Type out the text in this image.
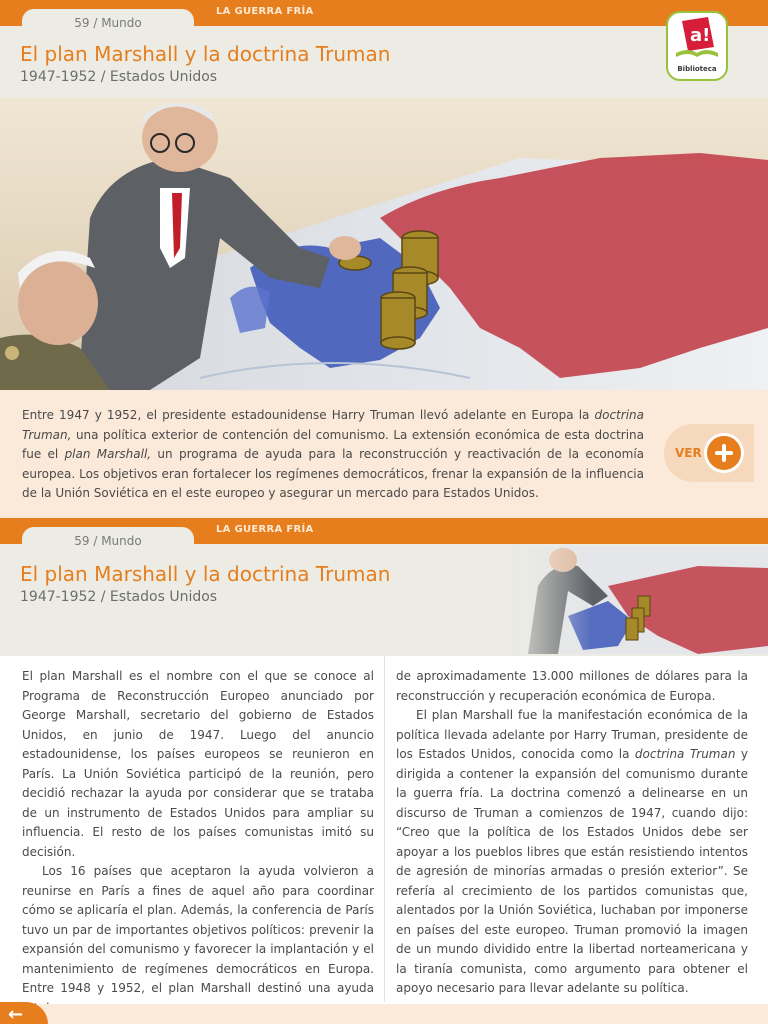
59 / Mundo
LA GUERRA FRÍA
El plan Marshall y la doctrina Truman
1947-1952 / Estados Unidos
a!
Biblioteca

Entre 1947 y 1952, el presidente estadounidense Harry Truman llevó adelante en Europa la doctrina Truman, una política exterior de contención del comunismo. La extensión económica de esta doctrina fue el plan Marshall, un programa de ayuda para la reconstrucción y reactivación de la economía europea. Los objetivos eran fortalecer los regímenes democráticos, frenar la expansión de la influencia de la Unión Soviética en el este europeo y asegurar un mercado para Estados Unidos.

VER
59 / Mundo
LA GUERRA FRÍA
El plan Marshall y la doctrina Truman
1947-1952 / Estados Unidos

El plan Marshall es el nombre con el que se conoce al Programa de Reconstrucción Europeo anunciado por George Marshall, secretario del gobierno de Estados Unidos, en junio de 1947. Luego del anuncio estadounidense, los países europeos se reunieron en París. La Unión Soviética participó de la reunión, pero decidió rechazar la ayuda por considerar que se trataba de un instrumento de Estados Unidos para ampliar su influencia. El resto de los países comunistas imitó su decisión.

Los 16 países que aceptaron la ayuda volvieron a reunirse en París a fines de aquel año para coordinar cómo se aplicaría el plan. Además, la conferencia de París tuvo un par de importantes objetivos políticos: prevenir la expansión del comunismo y favorecer la implantación y el mantenimiento de regímenes democráticos en Europa. Entre 1948 y 1952, el plan Marshall destinó una ayuda

de aproximadamente 13.000 millones de dólares para la reconstrucción y recuperación económica de Europa.

El plan Marshall fue la manifestación económica de la política llevada adelante por Harry Truman, presidente de los Estados Unidos, conocida como la doctrina Truman y dirigida a contener la expansión del comunismo durante la guerra fría. La doctrina comenzó a delinearse en un discurso de Truman a comienzos de 1947, cuando dijo: “Creo que la política de los Estados Unidos debe ser apoyar a los pueblos libres que están resistiendo intentos de agresión de minorías armadas o presión exterior”. Se refería al crecimiento de los partidos comunistas que, alentados por la Unión Soviética, luchaban por imponerse en países del este europeo. Truman promovió la imagen de un mundo dividido entre la libertad norteamericana y la tiranía comunista, como argumento para obtener el apoyo necesario para llevar adelante su política.

←
